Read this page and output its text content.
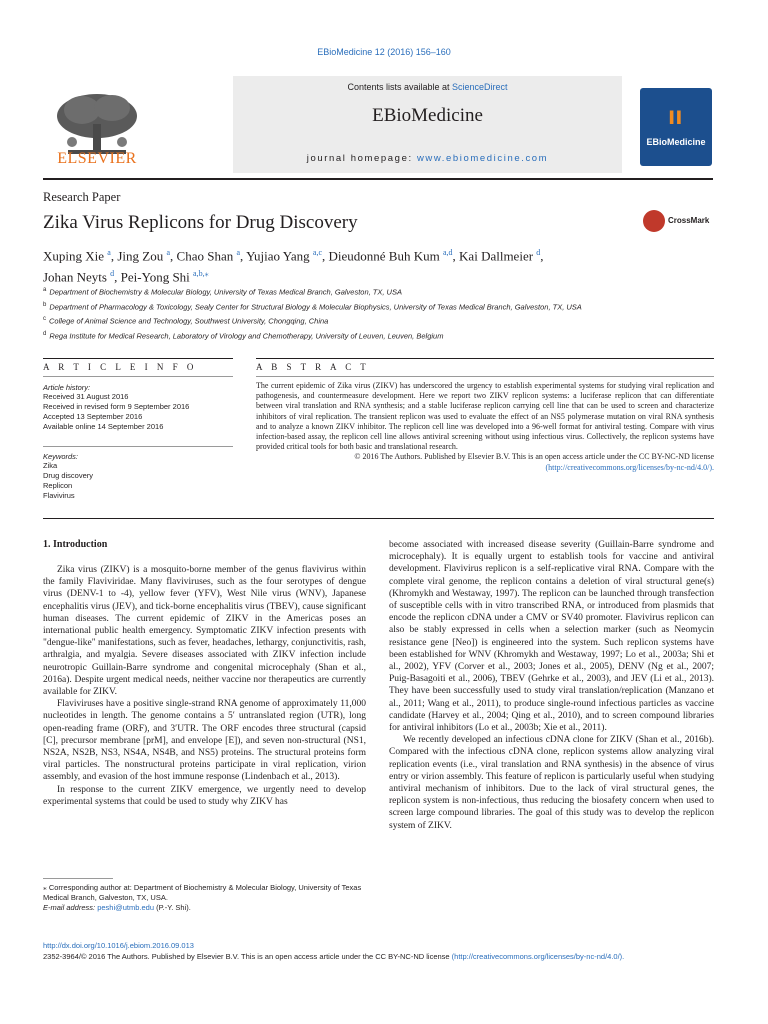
EBioMedicine 12 (2016) 156–160
Contents lists available at ScienceDirect
EBioMedicine
journal homepage: www.ebiomedicine.com
ELSEVIER
ıı
EBioMedicine
Research Paper
Zika Virus Replicons for Drug Discovery	CrossMark
Xuping Xie $^a$, Jing Zou $^a$, Chao Shan $^a$, Yujiao Yang $^{a,c}$, Dieudonné Buh Kum $^{a,d}$, Kai Dallmeier $^d$,
Johan Neyts $^d$, Pei-Yong Shi $^{a,b,⁎}$
$^a$ Department of Biochemistry & Molecular Biology, University of Texas Medical Branch, Galveston, TX, USA
$^b$ Department of Pharmacology & Toxicology, Sealy Center for Structural Biology & Molecular Biophysics, University of Texas Medical Branch, Galveston, TX, USA
$^c$ College of Animal Science and Technology, Southwest University, Chongqing, China
$^d$ Rega Institute for Medical Research, Laboratory of Virology and Chemotherapy, University of Leuven, Leuven, Belgium
A R T I C L E I N F O	A B S T R A C T
Article history:
Received 31 August 2016
Received in revised form 9 September 2016
Accepted 13 September 2016
Available online 14 September 2016
Keywords:
Zika
Drug discovery
Replicon
Flavivirus
The current epidemic of Zika virus (ZIKV) has underscored the urgency to establish experimental systems for studying viral replication and pathogenesis, and countermeasure development. Here we report two ZIKV replicon systems: a luciferase replicon that can differentiate between viral translation and RNA synthesis; and a stable luciferase replicon carrying cell line that can be used to screen and characterize inhibitors of viral replication. The transient replicon was used to evaluate the effect of an NS5 polymerase mutation on viral RNA synthesis and to analyze a known ZIKV inhibitor. The replicon cell line was developed into a 96-well format for antiviral testing. Compare with virus infection-based assay, the replicon cell line allows antiviral screening without using infectious virus. Collectively, the replicon systems have provided critical tools for both basic and translational research.
© 2016 The Authors. Published by Elsevier B.V. This is an open access article under the CC BY-NC-ND license (http://creativecommons.org/licenses/by-nc-nd/4.0/).
1. Introduction

Zika virus (ZIKV) is a mosquito-borne member of the genus flavivirus within the family Flaviviridae. Many flaviviruses, such as the four serotypes of dengue virus (DENV-1 to -4), yellow fever (YFV), West Nile virus (WNV), Japanese encephalitis virus (JEV), and tick-borne encephalitis virus (TBEV), cause significant human diseases. The current epidemic of ZIKV in the Americas poses an international public health emergency. Symptomatic ZIKV infection presents with "dengue-like" manifestations, such as fever, headaches, lethargy, conjunctivitis, rash, arthralgia, and myalgia. Severe diseases associated with ZIKV infection include neurotropic Guillain-Barre syndrome and congenital microcephaly (Shan et al., 2016a). Despite urgent medical needs, neither vaccine nor therapeutics are currently available for ZIKV.

Flaviviruses have a positive single-strand RNA genome of approximately 11,000 nucleotides in length. The genome contains a 5′ untranslated region (UTR), long open-reading frame (ORF), and 3′UTR. The ORF encodes three structural (capsid [C], precursor membrane [prM], and envelope [E]), and seven non-structural (NS1, NS2A, NS2B, NS3, NS4A, NS4B, and NS5) proteins. The structural proteins form viral particles. The nonstructural proteins participate in viral replication, virion assembly, and evasion of the host immune response (Lindenbach et al., 2013).

In response to the current ZIKV emergence, we urgently need to develop experimental systems that could be used to study why ZIKV has

become associated with increased disease severity (Guillain-Barre syndrome and microcephaly). It is equally urgent to establish tools for vaccine and antiviral development. Flavivirus replicon is a self-replicative viral RNA. Compare with the complete viral genome, the replicon contains a deletion of viral structural gene(s) (Khromykh and Westaway, 1997). The replicon can be launched through transfection of susceptible cells with in vitro transcribed RNA, or introduced from plasmids that encode the replicon cDNA under a CMV or SV40 promoter. Flavivirus replicon can also be stably expressed in cells when a selection marker (such as Neomycin resistance gene [Neo]) is engineered into the system. Such replicon systems have been established for WNV (Khromykh and Westaway, 1997; Lo et al., 2003a; Shi et al., 2002), YFV (Corver et al., 2003; Jones et al., 2005), DENV (Ng et al., 2007; Puig-Basagoiti et al., 2006), TBEV (Gehrke et al., 2003), and JEV (Li et al., 2013). They have been successfully used to study viral translation/replication (Manzano et al., 2011; Wang et al., 2011), to produce single-round infectious particles as vaccine candidate (Harvey et al., 2004; Qing et al., 2010), and to screen compound libraries for antiviral inhibitors (Lo et al., 2003b; Xie et al., 2011).

We recently developed an infectious cDNA clone for ZIKV (Shan et al., 2016b). Compared with the infectious cDNA clone, replicon systems allow analyzing viral replication events (i.e., viral translation and RNA synthesis) in the absence of virus entry or virion assembly. This feature of replicon is particularly useful when studying antiviral mechanism of inhibitors. Due to the lack of viral structural genes, the replicon system is non-infectious, thus reducing the biosafety concern when used to screen large compound libraries. The goal of this study was to develop the replicon system of ZIKV.

⁎ Corresponding author at: Department of Biochemistry & Molecular Biology, University of Texas Medical Branch, Galveston, TX, USA.
E-mail address: peshi@utmb.edu (P.-Y. Shi).
http://dx.doi.org/10.1016/j.ebiom.2016.09.013
2352-3964/© 2016 The Authors. Published by Elsevier B.V. This is an open access article under the CC BY-NC-ND license (http://creativecommons.org/licenses/by-nc-nd/4.0/).
